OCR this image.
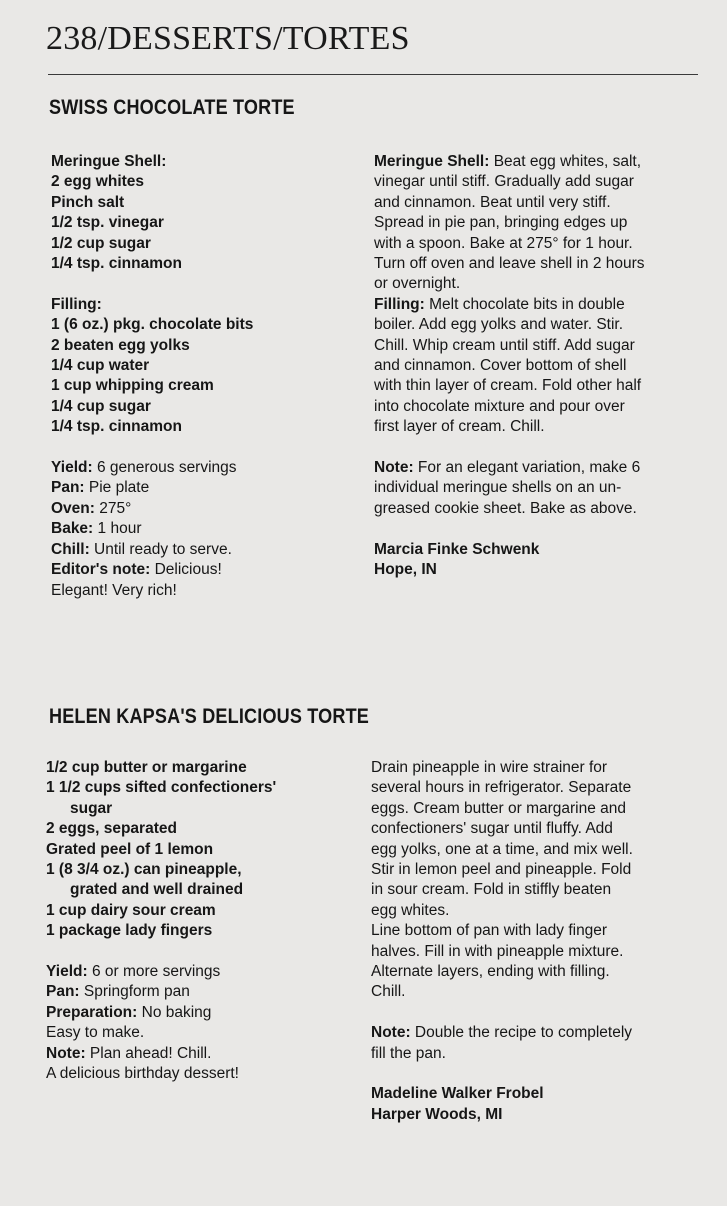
238/DESSERTS/TORTES
SWISS CHOCOLATE TORTE
Meringue Shell:
2 egg whites
Pinch salt
1/2 tsp. vinegar
1/2 cup sugar
1/4 tsp. cinnamon
Filling:
1 (6 oz.) pkg. chocolate bits
2 beaten egg yolks
1/4 cup water
1 cup whipping cream
1/4 cup sugar
1/4 tsp. cinnamon
Yield: 6 generous servings
Pan: Pie plate
Oven: 275°
Bake: 1 hour
Chill: Until ready to serve.
Editor's note: Delicious!
Elegant! Very rich!
Meringue Shell: Beat egg whites, salt,
vinegar until stiff. Gradually add sugar
and cinnamon. Beat until very stiff.
Spread in pie pan, bringing edges up
with a spoon. Bake at 275° for 1 hour.
Turn off oven and leave shell in 2 hours
or overnight.
Filling: Melt chocolate bits in double
boiler. Add egg yolks and water. Stir.
Chill. Whip cream until stiff. Add sugar
and cinnamon. Cover bottom of shell
with thin layer of cream. Fold other half
into chocolate mixture and pour over
first layer of cream. Chill.
Note: For an elegant variation, make 6
individual meringue shells on an un-
greased cookie sheet. Bake as above.
Marcia Finke Schwenk
Hope, IN
HELEN KAPSA'S DELICIOUS TORTE
1/2 cup butter or margarine
1 1/2 cups sifted confectioners'
sugar
2 eggs, separated
Grated peel of 1 lemon
1 (8 3/4 oz.) can pineapple,
grated and well drained
1 cup dairy sour cream
1 package lady fingers
Yield: 6 or more servings
Pan: Springform pan
Preparation: No baking
Easy to make.
Note: Plan ahead! Chill.
A delicious birthday dessert!
Drain pineapple in wire strainer for
several hours in refrigerator. Separate
eggs. Cream butter or margarine and
confectioners' sugar until fluffy. Add
egg yolks, one at a time, and mix well.
Stir in lemon peel and pineapple. Fold
in sour cream. Fold in stiffly beaten
egg whites.
Line bottom of pan with lady finger
halves. Fill in with pineapple mixture.
Alternate layers, ending with filling.
Chill.
Note: Double the recipe to completely
fill the pan.
Madeline Walker Frobel
Harper Woods, MI
